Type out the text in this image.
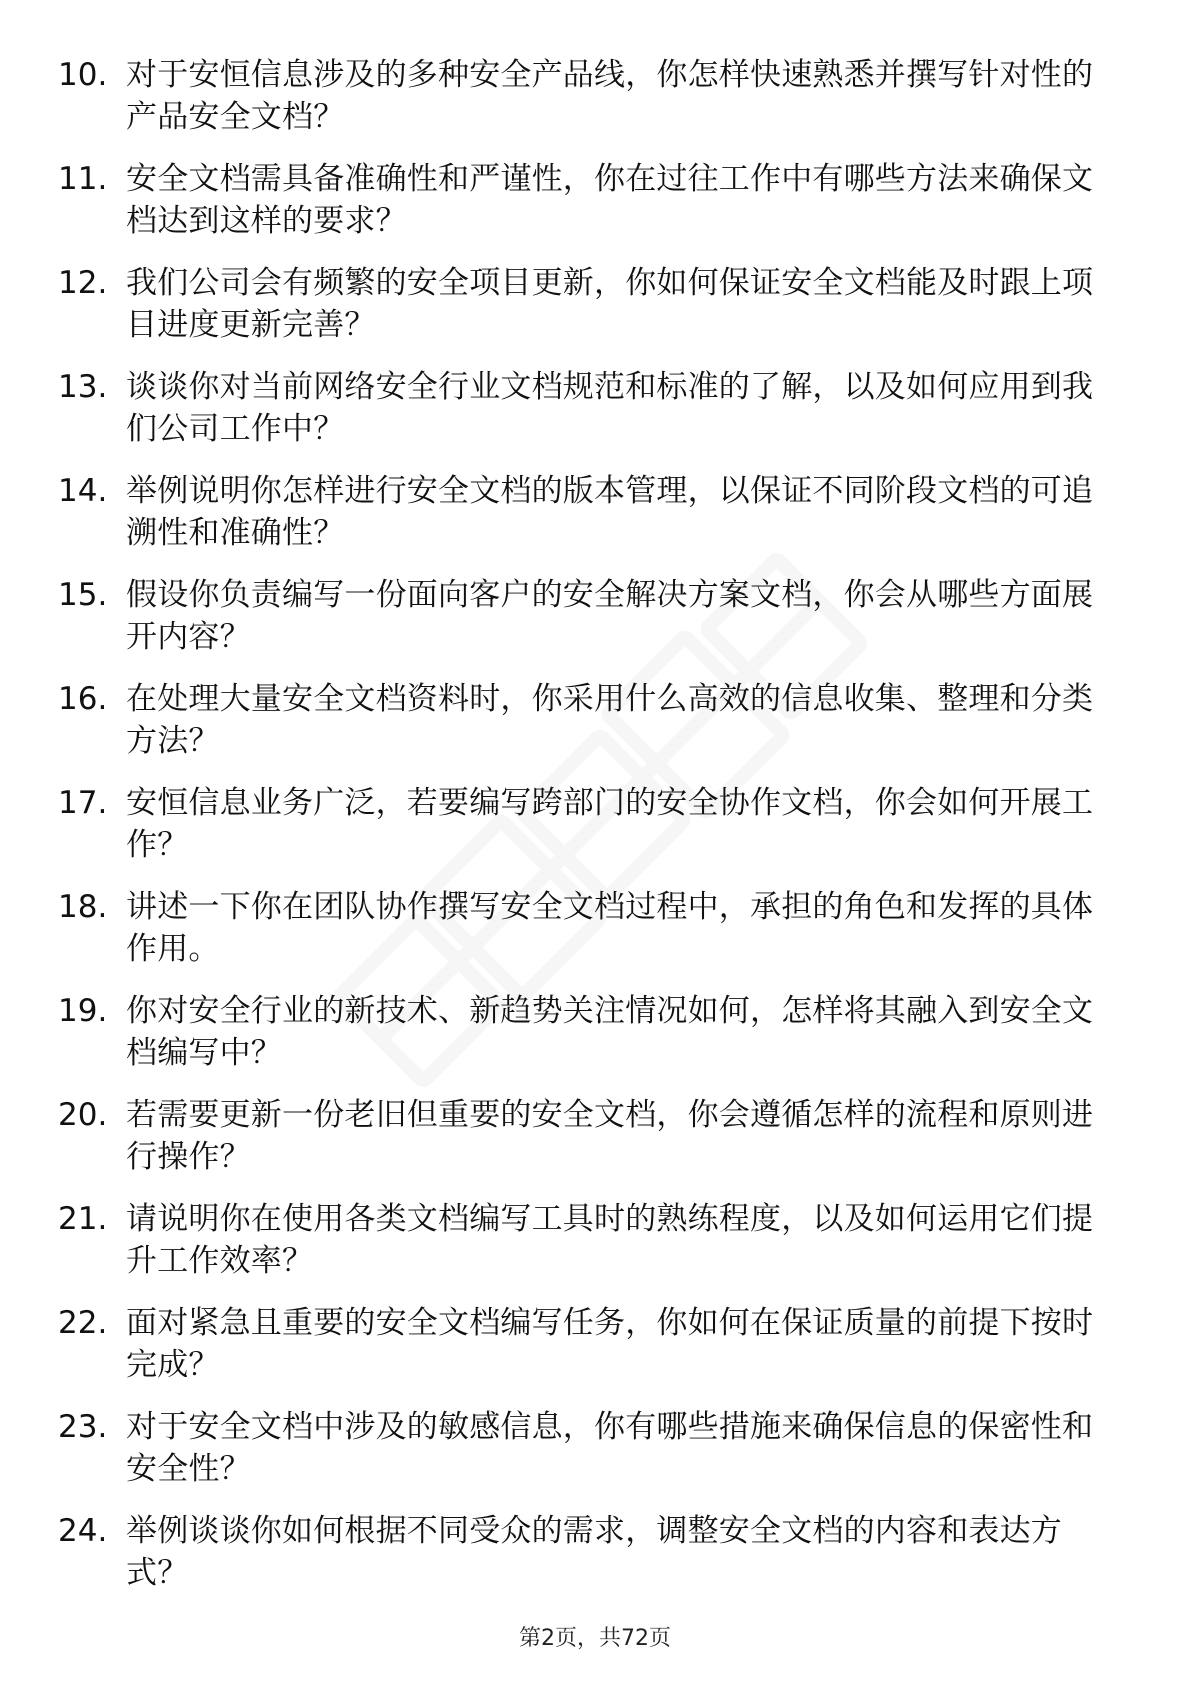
10. 对于安恒信息涉及的多种安全产品线，你怎样快速熟悉并撰写针对性的产品安全文档？
11. 安全文档需具备准确性和严谨性，你在过往工作中有哪些方法来确保文档达到这样的要求？
12. 我们公司会有频繁的安全项目更新，你如何保证安全文档能及时跟上项目进度更新完善？
13. 谈谈你对当前网络安全行业文档规范和标准的了解，以及如何应用到我们公司工作中？
14. 举例说明你怎样进行安全文档的版本管理，以保证不同阶段文档的可追溯性和准确性？
15. 假设你负责编写一份面向客户的安全解决方案文档，你会从哪些方面展开内容？
16. 在处理大量安全文档资料时，你采用什么高效的信息收集、整理和分类方法？
17. 安恒信息业务广泛，若要编写跨部门的安全协作文档，你会如何开展工作？
18. 讲述一下你在团队协作撰写安全文档过程中，承担的角色和发挥的具体作用。
19. 你对安全行业的新技术、新趋势关注情况如何，怎样将其融入到安全文档编写中？
20. 若需要更新一份老旧但重要的安全文档，你会遵循怎样的流程和原则进行操作？
21. 请说明你在使用各类文档编写工具时的熟练程度，以及如何运用它们提升工作效率？
22. 面对紧急且重要的安全文档编写任务，你如何在保证质量的前提下按时完成？
23. 对于安全文档中涉及的敏感信息，你有哪些措施来确保信息的保密性和安全性？
24. 举例谈谈你如何根据不同受众的需求，调整安全文档的内容和表达方式？
第2页，共72页
